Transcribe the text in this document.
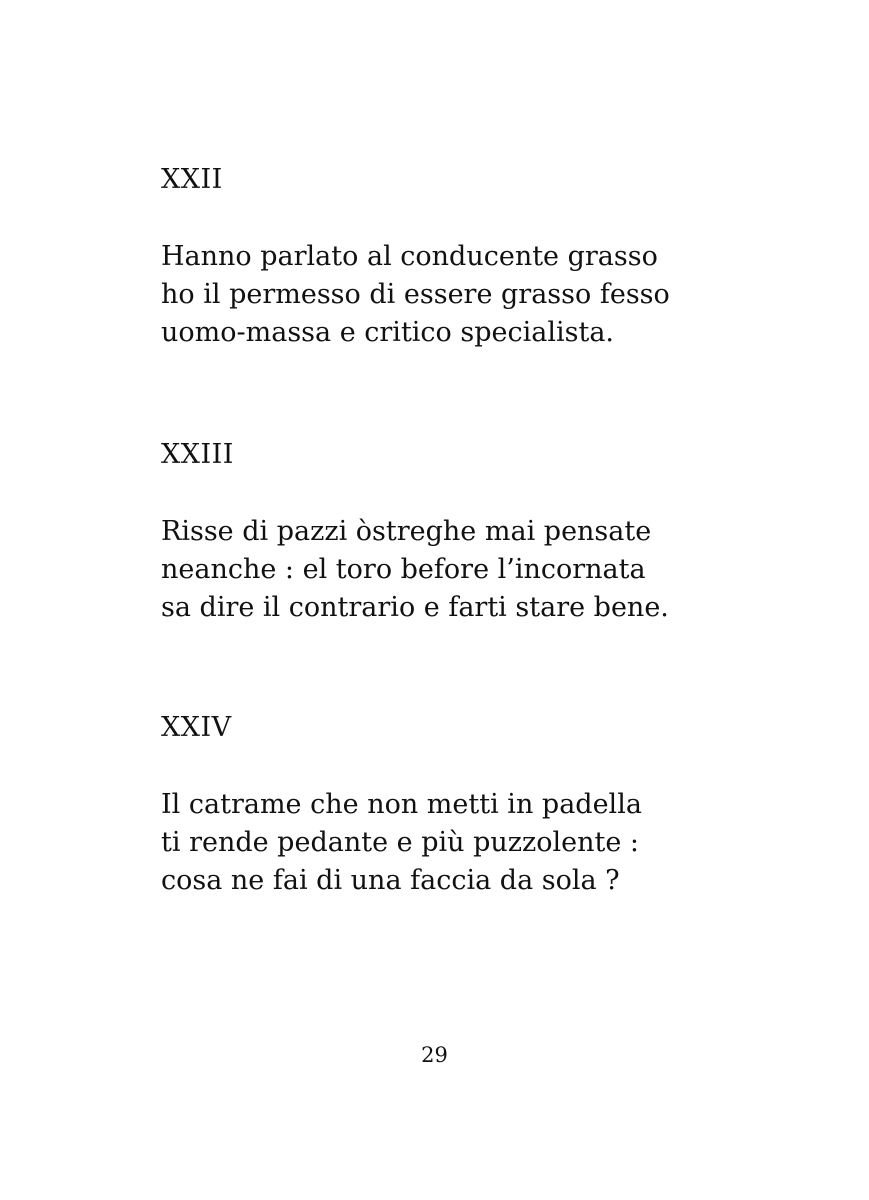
XXII

Hanno parlato al conducente grasso
ho il permesso di essere grasso fesso
uomo-massa e critico specialista.

XXIII

Risse di pazzi òstreghe mai pensate
neanche : el toro before l’incornata
sa dire il contrario e farti stare bene.

XXIV

Il catrame che non metti in padella
ti rende pedante e più puzzolente :
cosa ne fai di una faccia da sola ?

29
